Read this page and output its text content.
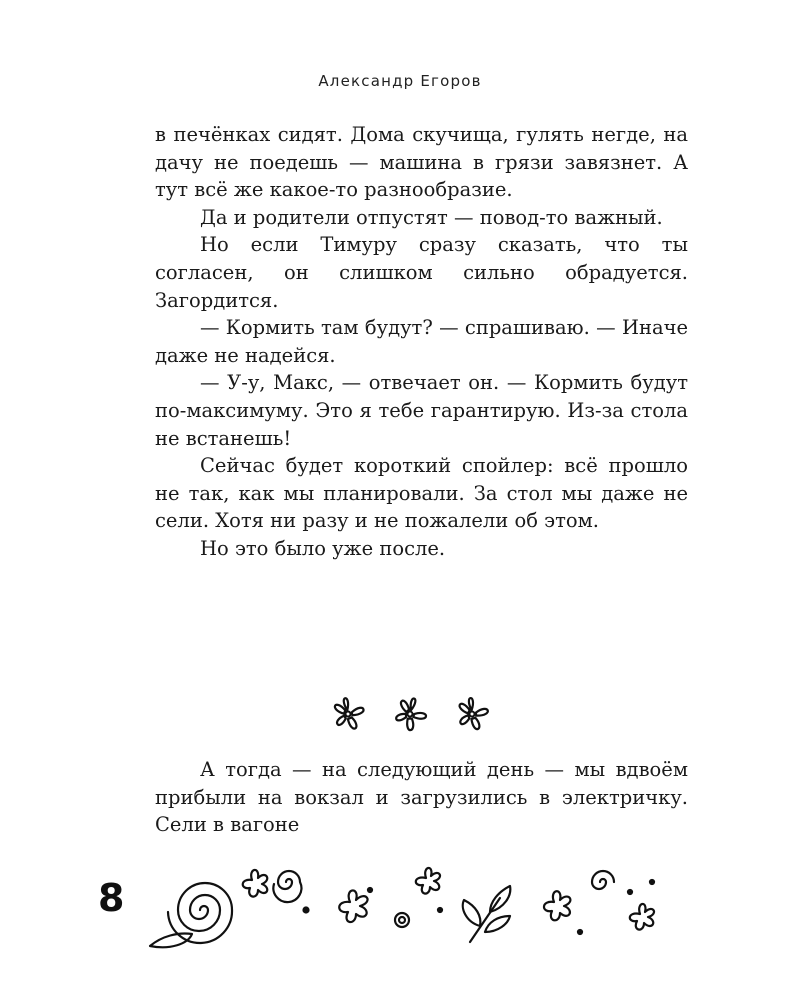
Александр Егоров

в печёнках сидят. Дома скучища, гулять негде, на дачу не поедешь — машина в грязи завязнет. А тут всё же какое-то разнообразие.

Да и родители отпустят — повод-то важный.

Но если Тимуру сразу сказать, что ты согласен, он слишком сильно обрадуется. Загордится.

— Кормить там будут? — спрашиваю. — Иначе даже не надейся.

— У-у, Макс, — отвечает он. — Кормить будут по-максимуму. Это я тебе гарантирую. Из-за стола не встанешь!

Сейчас будет короткий спойлер: всё прошло не так, как мы планировали. За стол мы даже не сели. Хотя ни разу и не пожалели об этом.

Но это было уже после.

А тогда — на следующий день — мы вдвоём прибыли на вокзал и загрузились в электричку. Сели в вагоне

8
